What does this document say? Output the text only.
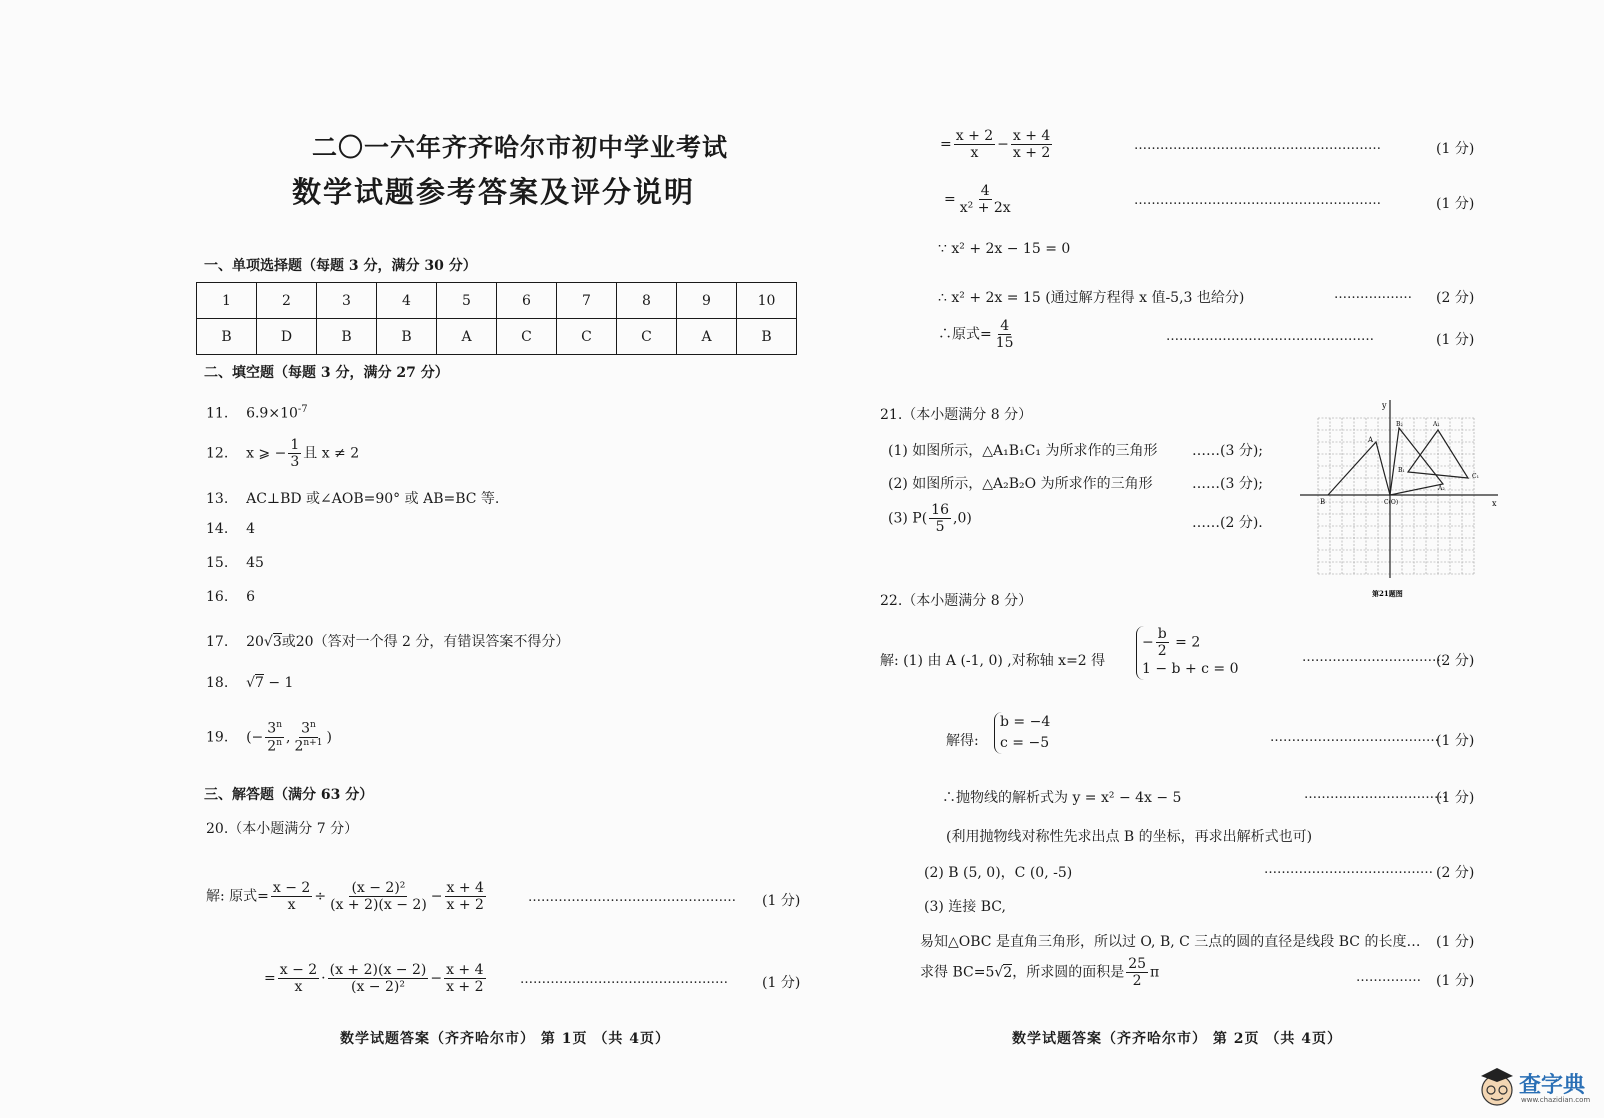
二〇一六年齐齐哈尔市初中学业考试
数学试题参考答案及评分说明
一、单项选择题（每题 3 分，满分 30 分）
1	2	3	4	5	6	7	8	9	10
B	D	B	B	A	C	C	C	A	B
二、填空题（每题 3 分，满分 27 分）
11. $6.9\times 10^{-7}$
12. x ⩾ − $\frac{1}{3}$ 且 x ≠ 2
13. AC⊥BD 或∠AOB=90° 或 AB=BC 等.
14. 4
15. 45
16. 6
17. 20√3或20（答对一个得 2 分，有错误答案不得分）
18.    √7 − 1
19. (− $\frac{3^n}{2^n}$ , $\frac{3^n}{2^{n+1}}$ )
三、解答题（满分 63 分）
20.（本小题满分 7 分）
解: 原式= $\frac{x - 2}{x} \div \frac{\text{(x − 2)²}}{(x + 2)(x - 2)} - \frac{x + 4}{x + 2}$	………………………………………… (1 分)
= $\frac{x - 2}{x} \cdot \frac{(x + 2)(x - 2)}{\text{(x − 2)²}} - \frac{x + 4}{x + 2}$	………………………………………… (1 分)
数学试题答案（齐齐哈尔市） 第 1页 （共 4页）
= $\frac{x + 2}{x} - \frac{x + 4}{x + 2}$	…………………………………………………	(1 分)
= $\frac{4}{\text{x² + 2x}}$	…………………………………………………	(1 分)
∵ x² + 2x − 15 = 0
∴ x² + 2x = 15 (通过解方程得 x 值-5,3 也给分)	……………… (2 分)
∴原式= $\frac{4}{15}$	…………………………………………	(1 分)
21.（本小题满分 8 分）
(1) 如图所示，△A₁B₁C₁ 为所求作的三角形 ……(3 分);
(2) 如图所示，△A₂B₂O 为所求作的三角形	……(3 分);
(3) $P( \frac{16}{5} ,0)$	……(2 分).
y
x
A
B
B₂	A₁
B₁
C₁
A₂
C(O)
第21题图
22.（本小题满分 8 分）
解: (1) 由 A (-1, 0) ,对称轴 x=2 得
− $\frac{b}{2} = 2$
1 − b + c = 0
……………………………
(2 分)
解得:
b = −4
c = −5	…………………………………
(1 分)
∴抛物线的解析式为 y = x² − 4x − 5	……………………………
(1 分)
(利用抛物线对称性先求出点 B 的坐标，再求出解析式也可)
(2) B (5, 0)，C (0, -5)	………………………………… (2 分)
(3) 连接 BC,
易知△OBC 是直角三角形，所以过 O, B, C 三点的圆的直径是线段 BC 的长度… (1 分)
求得 BC=5√2，所求圆的面积是 $\frac{25}{2}$ π	…………… (1 分)
数学试题答案（齐齐哈尔市） 第 2页 （共 4页）
查字典
www.chazidian.com
